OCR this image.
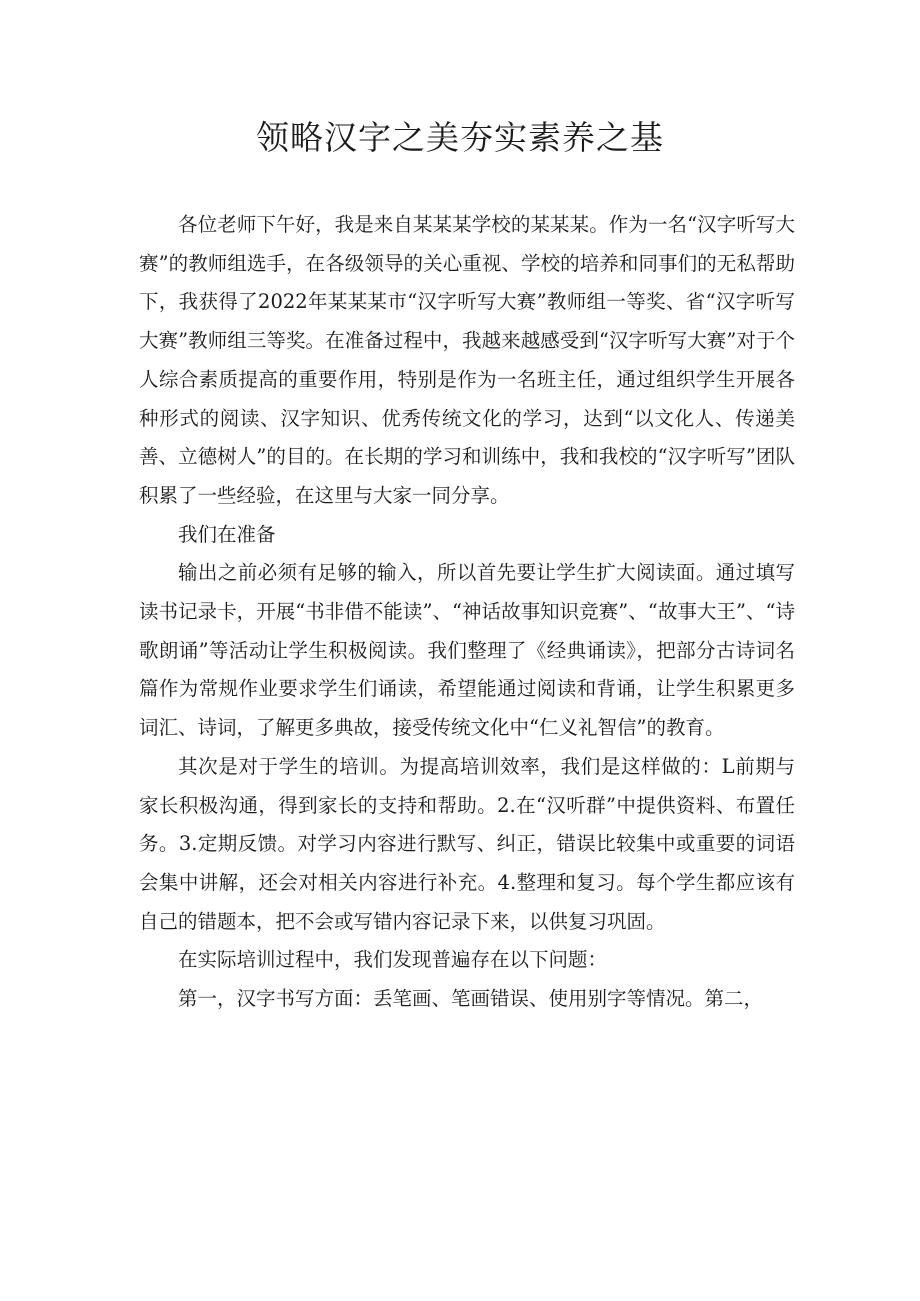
领略汉字之美夯实素养之基

各位老师下午好，我是来自某某某学校的某某某。作为一名“汉字听写大赛”的教师组选手，在各级领导的关心重视、学校的培养和同事们的无私帮助下，我获得了2022年某某某市“汉字听写大赛”教师组一等奖、省“汉字听写大赛”教师组三等奖。在准备过程中，我越来越感受到“汉字听写大赛”对于个人综合素质提高的重要作用，特别是作为一名班主任，通过组织学生开展各种形式的阅读、汉字知识、优秀传统文化的学习，达到“以文化人、传递美善、立德树人”的目的。在长期的学习和训练中，我和我校的“汉字听写”团队积累了一些经验，在这里与大家一同分享。

我们在准备

输出之前必须有足够的输入，所以首先要让学生扩大阅读面。通过填写读书记录卡，开展“书非借不能读”、“神话故事知识竞赛”、“故事大王”、“诗歌朗诵”等活动让学生积极阅读。我们整理了《经典诵读》，把部分古诗词名篇作为常规作业要求学生们诵读，希望能通过阅读和背诵，让学生积累更多词汇、诗词，了解更多典故，接受传统文化中“仁义礼智信”的教育。

其次是对于学生的培训。为提高培训效率，我们是这样做的：L前期与家长积极沟通，得到家长的支持和帮助。2.在“汉听群”中提供资料、布置任务。3.定期反馈。对学习内容进行默写、纠正，错误比较集中或重要的词语会集中讲解，还会对相关内容进行补充。4.整理和复习。每个学生都应该有自己的错题本，把不会或写错内容记录下来，以供复习巩固。

在实际培训过程中，我们发现普遍存在以下问题：

第一，汉字书写方面：丢笔画、笔画错误、使用别字等情况。第二，
